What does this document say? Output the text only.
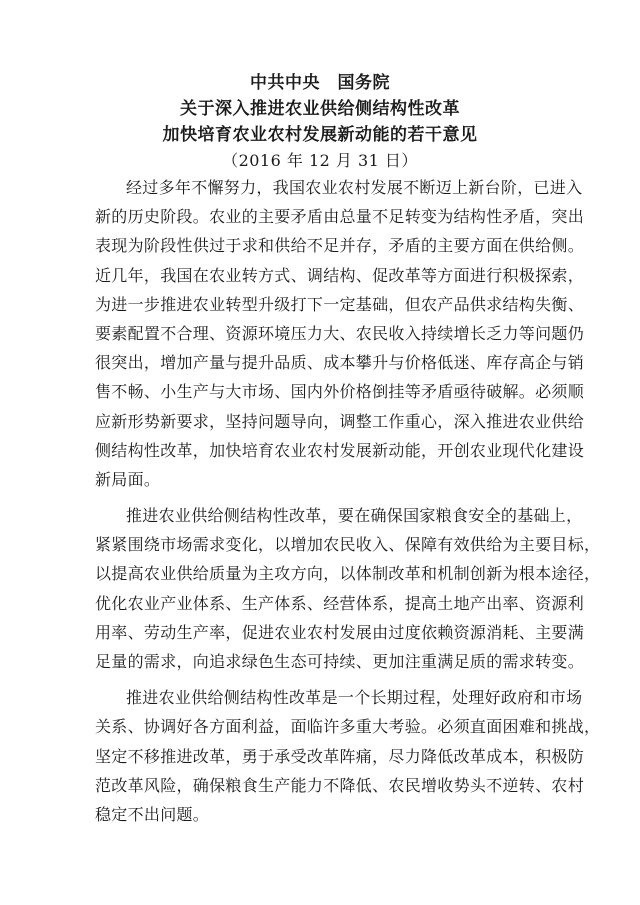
中共中央　国务院
关于深入推进农业供给侧结构性改革
加快培育农业农村发展新动能的若干意见
（2016 年 12 月 31 日）
经过多年不懈努力，我国农业农村发展不断迈上新台阶，已进入
新的历史阶段。农业的主要矛盾由总量不足转变为结构性矛盾，突出
表现为阶段性供过于求和供给不足并存，矛盾的主要方面在供给侧。
近几年，我国在农业转方式、调结构、促改革等方面进行积极探索，
为进一步推进农业转型升级打下一定基础，但农产品供求结构失衡、
要素配置不合理、资源环境压力大、农民收入持续增长乏力等问题仍
很突出，增加产量与提升品质、成本攀升与价格低迷、库存高企与销
售不畅、小生产与大市场、国内外价格倒挂等矛盾亟待破解。必须顺
应新形势新要求，坚持问题导向，调整工作重心，深入推进农业供给
侧结构性改革，加快培育农业农村发展新动能，开创农业现代化建设
新局面。
推进农业供给侧结构性改革，要在确保国家粮食安全的基础上，
紧紧围绕市场需求变化，以增加农民收入、保障有效供给为主要目标，
以提高农业供给质量为主攻方向，以体制改革和机制创新为根本途径，
优化农业产业体系、生产体系、经营体系，提高土地产出率、资源利
用率、劳动生产率，促进农业农村发展由过度依赖资源消耗、主要满
足量的需求，向追求绿色生态可持续、更加注重满足质的需求转变。
推进农业供给侧结构性改革是一个长期过程，处理好政府和市场
关系、协调好各方面利益，面临许多重大考验。必须直面困难和挑战，
坚定不移推进改革，勇于承受改革阵痛，尽力降低改革成本，积极防
范改革风险，确保粮食生产能力不降低、农民增收势头不逆转、农村
稳定不出问题。
